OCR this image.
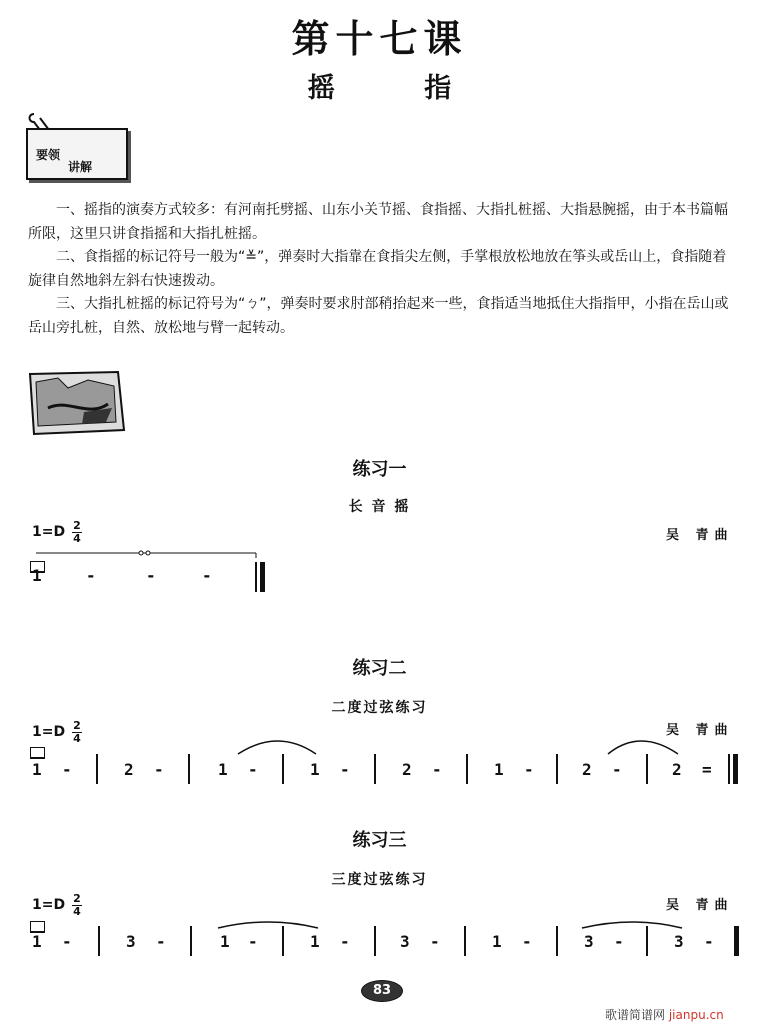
第十七课
摇 指
要领
讲解
一、摇指的演奏方式较多：有河南托劈摇、山东小关节摇、食指摇、大指扎桩摇、大指悬腕摇，由于本书篇幅所限，这里只讲食指摇和大指扎桩摇。
二、食指摇的标记符号一般为“≚”，弹奏时大指靠在食指尖左侧，手掌根放松地放在筝头或岳山上，食指随着旋律自然地斜左斜右快速拨动。
三、大指扎桩摇的标记符号为“ㄅ”，弹奏时要求肘部稍抬起来一些，食指适当地抵住大指指甲，小指在岳山或岳山旁扎桩，自然、放松地与臂一起转动。
练习一
长 音 摇
1=D 2
4	吴 青曲
1	-	-	-
练习二
二度过弦练习
1=D 2
4
吴 青曲
1 -	2 -	1 -	1 -	2 -	1 -	2 -	2 =
练习三
三度过弦练习
1=D 2
4	吴 青曲
1 -	3 -	1 -	1 -	3 -	1 -	3 -	3 -
83
歌谱简谱网 jianpu.cn
